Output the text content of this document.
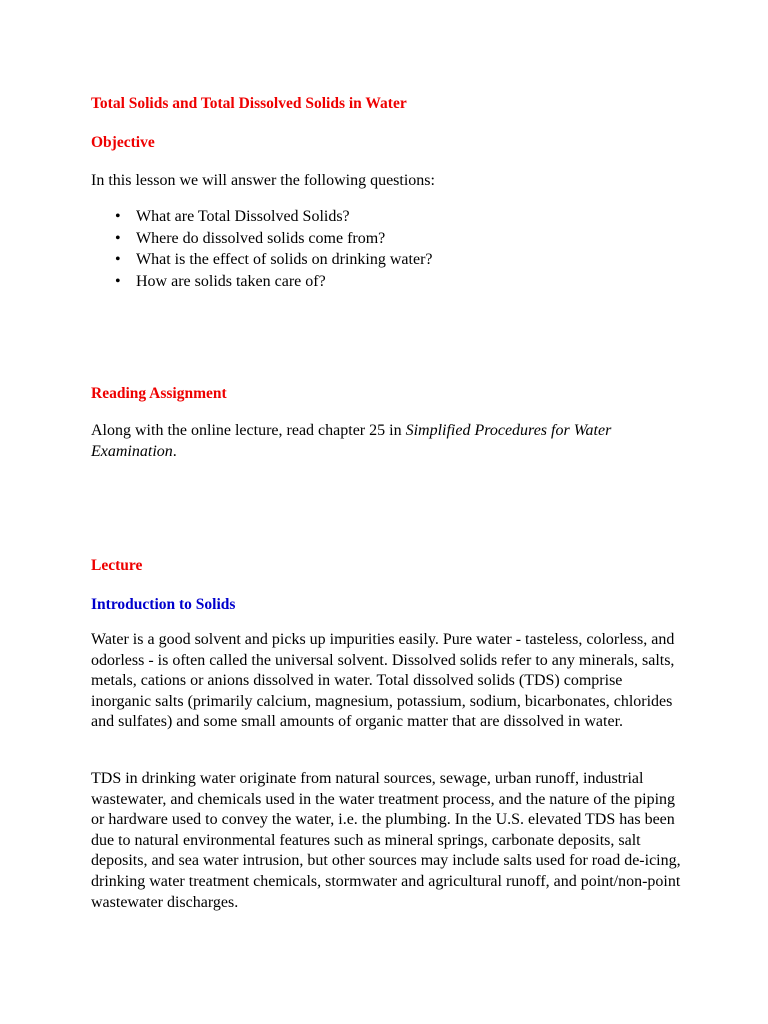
Total Solids and Total Dissolved Solids in Water
Objective

In this lesson we will answer the following questions:

• What are Total Dissolved Solids?
• Where do dissolved solids come from?
• What is the effect of solids on drinking water?
• How are solids taken care of?
Reading Assignment

Along with the online lecture, read chapter 25 in Simplified Procedures for Water Examination.

Lecture
Introduction to Solids

Water is a good solvent and picks up impurities easily. Pure water - tasteless, colorless, and odorless - is often called the universal solvent. Dissolved solids refer to any minerals, salts, metals, cations or anions dissolved in water. Total dissolved solids (TDS) comprise inorganic salts (primarily calcium, magnesium, potassium, sodium, bicarbonates, chlorides and sulfates) and some small amounts of organic matter that are dissolved in water.

TDS in drinking water originate from natural sources, sewage, urban runoff, industrial wastewater, and chemicals used in the water treatment process, and the nature of the piping or hardware used to convey the water, i.e. the plumbing. In the U.S. elevated TDS has been due to natural environmental features such as mineral springs, carbonate deposits, salt deposits, and sea water intrusion, but other sources may include salts used for road de-icing, drinking water treatment chemicals, stormwater and agricultural runoff, and point/non-point wastewater discharges.
